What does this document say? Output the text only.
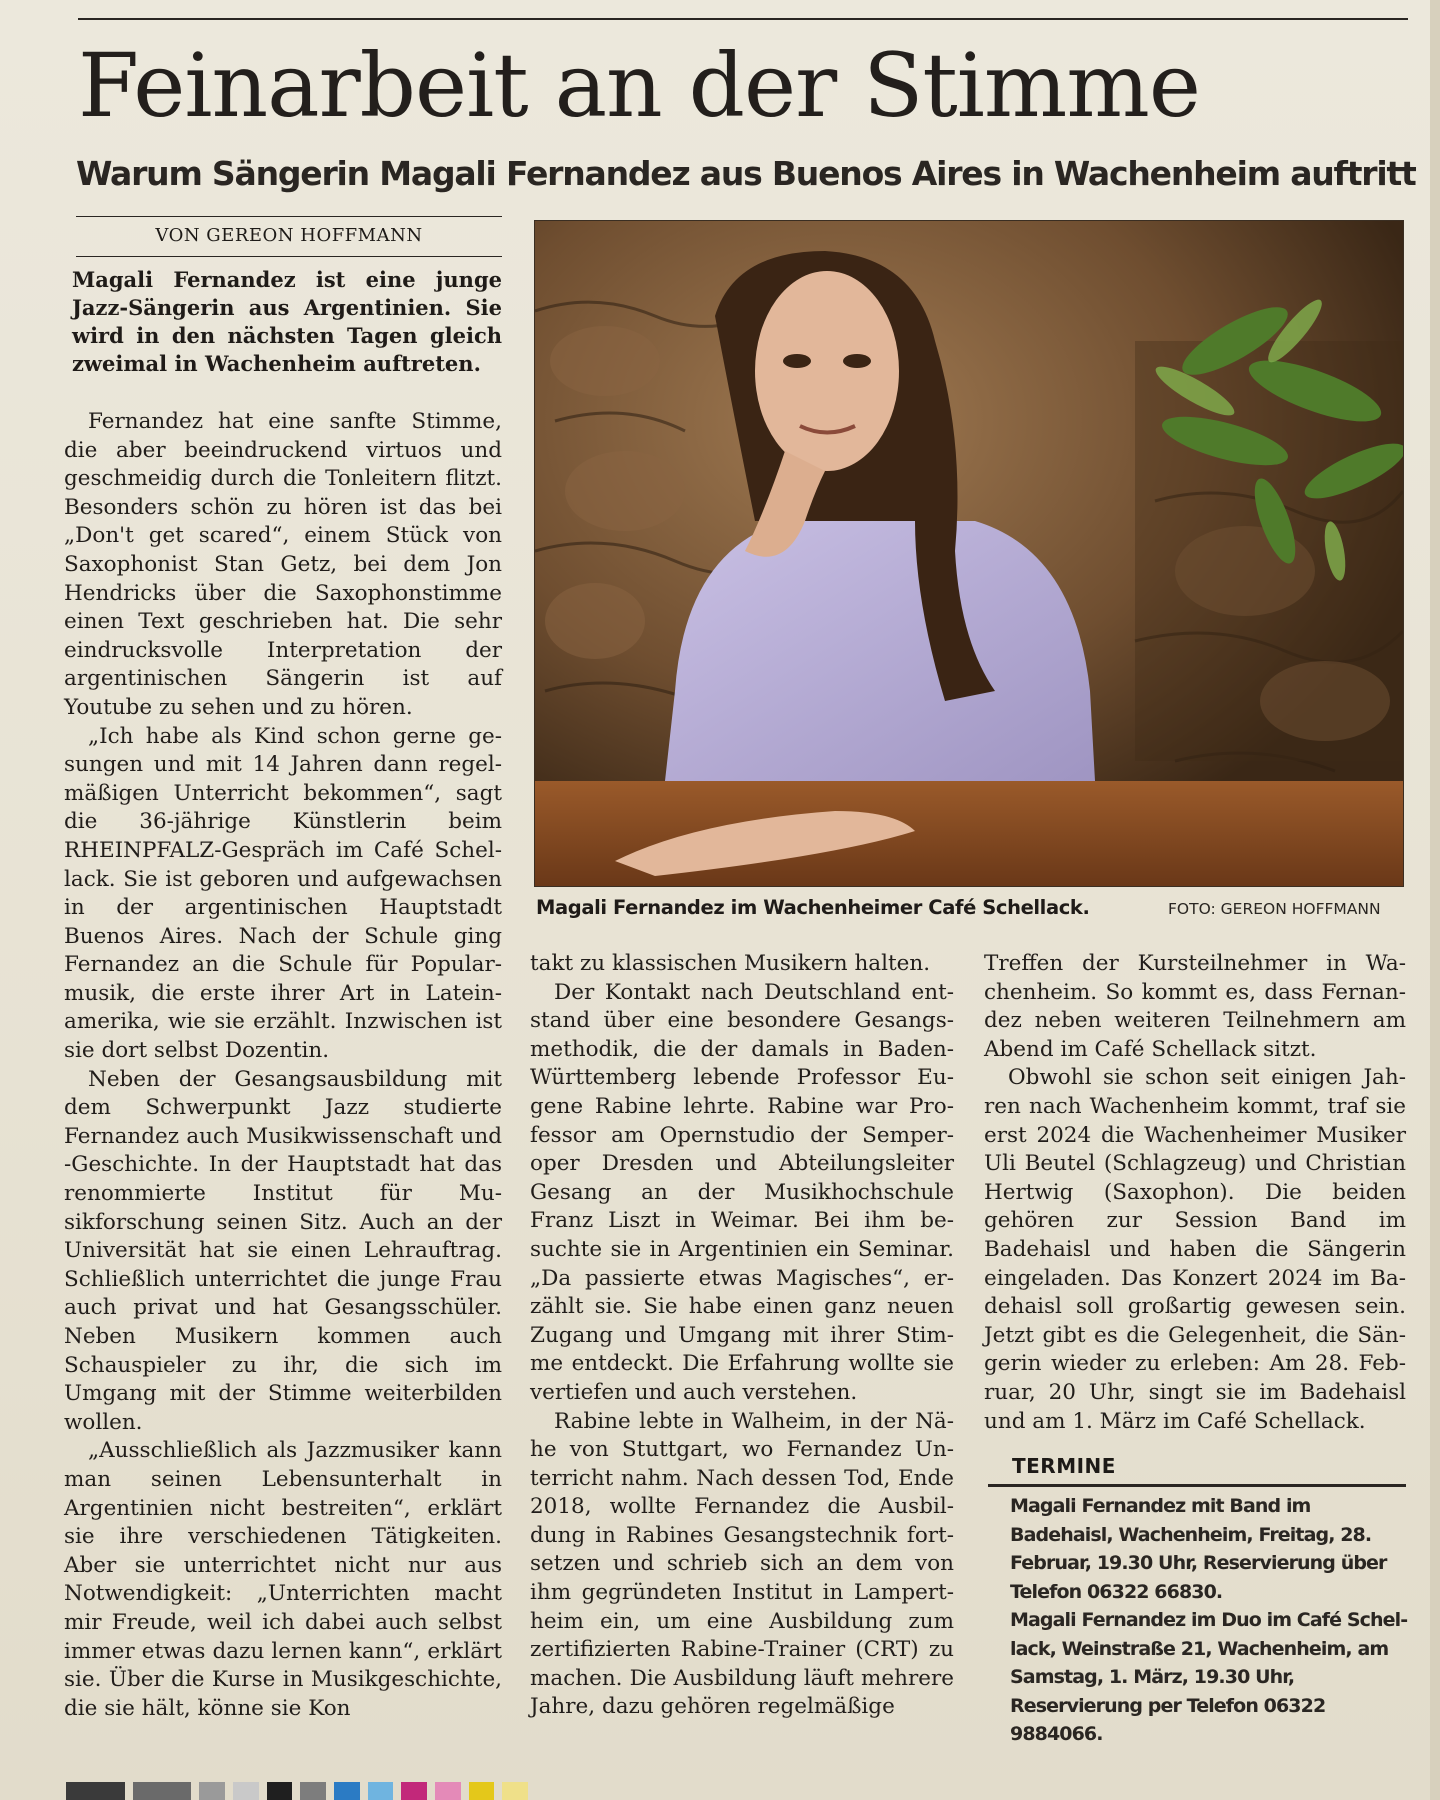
Feinarbeit an der Stimme
Warum Sängerin Magali Fernandez aus Buenos Aires in Wachenheim auftritt
VON GEREON HOFFMANN

Magali Fernandez ist eine junge Jazz-Sängerin aus Argentinien. Sie wird in den nächsten Tagen gleich zweimal in Wachenheim auftreten.

Fernandez hat eine sanfte Stimme, die aber beeindruckend virtuos und geschmeidig durch die Tonleitern flitzt. Besonders schön zu hören ist das bei „Don't get scared“, einem Stück von Saxophonist Stan Getz, bei dem Jon Hendricks über die Saxophonstimme einen Text geschrieben hat. Die sehr eindrucksvolle Interpretation der argentinischen Sängerin ist auf Youtube zu sehen und zu hören.

„Ich habe als Kind schon gerne gesungen und mit 14 Jahren dann regelmäßigen Unterricht bekommen“, sagt die 36-jährige Künstlerin beim RHEINPFALZ-Gespräch im Café Schellack. Sie ist geboren und aufgewachsen in der argentinischen Hauptstadt Buenos Aires. Nach der Schule ging Fernandez an die Schule für Popularmusik, die erste ihrer Art in Lateinamerika, wie sie erzählt. Inzwischen ist sie dort selbst Dozentin.

Neben der Gesangsausbildung mit dem Schwerpunkt Jazz studierte Fernandez auch Musikwissenschaft und -Geschichte. In der Hauptstadt hat das renommierte Institut für Musikforschung seinen Sitz. Auch an der Universität hat sie einen Lehrauftrag. Schließlich unterrichtet die junge Frau auch privat und hat Gesangsschüler. Neben Musikern kommen auch Schauspieler zu ihr, die sich im Umgang mit der Stimme weiterbilden wollen.

„Ausschließlich als Jazzmusiker kann man seinen Lebensunterhalt in Argentinien nicht bestreiten“, erklärt sie ihre verschiedenen Tätigkeiten. Aber sie unterrichtet nicht nur aus Notwendigkeit: „Unterrichten macht mir Freude, weil ich dabei auch selbst immer etwas dazu lernen kann“, erklärt sie. Über die Kurse in Musikgeschichte, die sie hält, könne sie Kon

Magali Fernandez im Wachenheimer Café Schellack.	FOTO: GEREON HOFFMANN

takt zu klassischen Musikern halten.

Der Kontakt nach Deutschland entstand über eine besondere Gesangsmethodik, die der damals in Baden-Württemberg lebende Professor Eugene Rabine lehrte. Rabine war Professor am Opernstudio der Semperoper Dresden und Abteilungsleiter Gesang an der Musikhochschule Franz Liszt in Weimar. Bei ihm besuchte sie in Argentinien ein Seminar. „Da passierte etwas Magisches“, erzählt sie. Sie habe einen ganz neuen Zugang und Umgang mit ihrer Stimme entdeckt. Die Erfahrung wollte sie vertiefen und auch verstehen.

Rabine lebte in Walheim, in der Nähe von Stuttgart, wo Fernandez Unterricht nahm. Nach dessen Tod, Ende 2018, wollte Fernandez die Ausbildung in Rabines Gesangstechnik fortsetzen und schrieb sich an dem von ihm gegründeten Institut in Lampertheim ein, um eine Ausbildung zum zertifizierten Rabine-Trainer (CRT) zu machen. Die Ausbildung läuft mehrere Jahre, dazu gehören regelmäßige

Treffen der Kursteilnehmer in Wachenheim. So kommt es, dass Fernandez neben weiteren Teilnehmern am Abend im Café Schellack sitzt.

Obwohl sie schon seit einigen Jahren nach Wachenheim kommt, traf sie erst 2024 die Wachenheimer Musiker Uli Beutel (Schlagzeug) und Christian Hertwig (Saxophon). Die beiden gehören zur Session Band im Badehaisl und haben die Sängerin eingeladen. Das Konzert 2024 im Badehaisl soll großartig gewesen sein. Jetzt gibt es die Gelegenheit, die Sängerin wieder zu erleben: Am 28. Februar, 20 Uhr, singt sie im Badehaisl und am 1. März im Café Schellack.

TERMINE

Magali Fernandez mit Band im Badehaisl, Wachenheim, Freitag, 28. Februar, 19.30 Uhr, Reservierung über Telefon 06322 66830.

Magali Fernandez im Duo im Café Schellack, Weinstraße 21, Wachenheim, am Samstag, 1. März, 19.30 Uhr, Reservierung per Telefon 06322 9884066.
